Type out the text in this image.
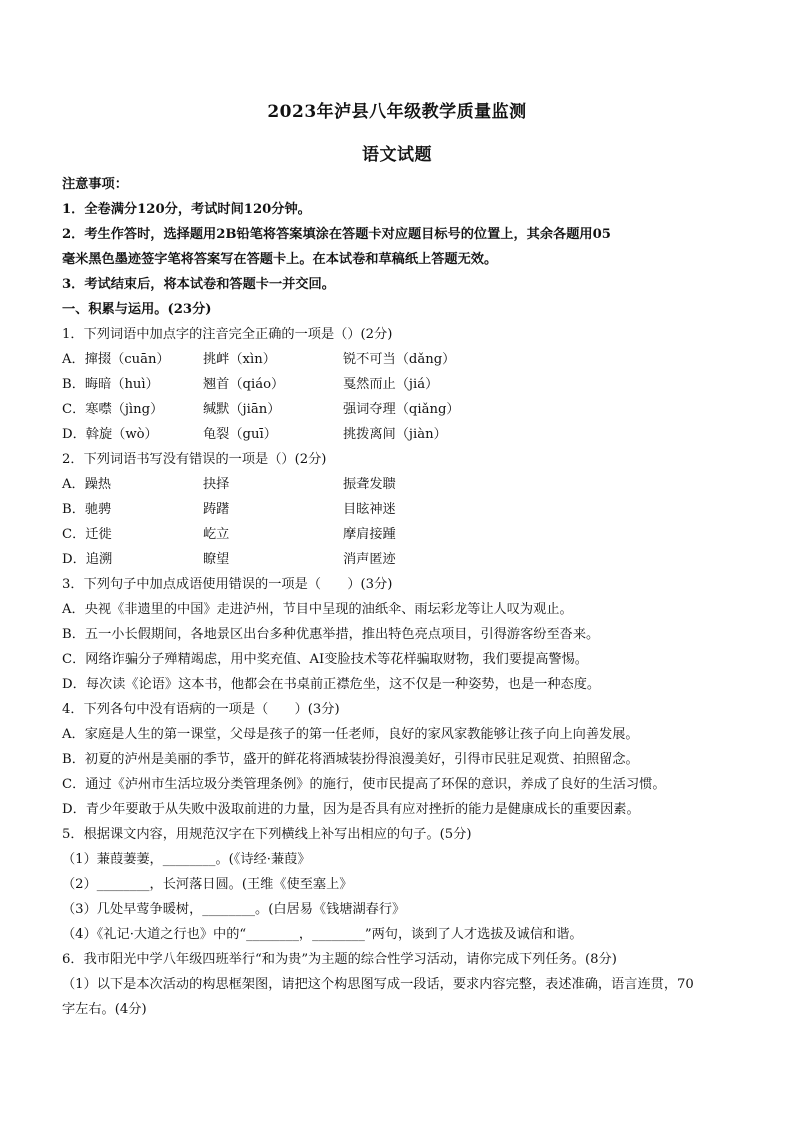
2023年泸县八年级教学质量监测
语文试题
注意事项：
1．全卷满分120分，考试时间120分钟。
2．考生作答时，选择题用2B铅笔将答案填涂在答题卡对应题目标号的位置上，其余各题用05
毫米黑色墨迹签字笔将答案写在答题卡上。在本试卷和草稿纸上答题无效。
3．考试结束后，将本试卷和答题卡一并交回。
一、积累与运用。(23分)
1．下列词语中加点字的注音完全正确的一项是（）(2分)
A．撺掇（cuān）	挑衅（xìn）	锐不可当（dǎng）
B．晦暗（huì）	翘首（qiáo）	戛然而止（jiá）
C．寒噤（jìng）	缄默（jiān）	强词夺理（qiǎng）
D．斡旋（wò）	龟裂（guī）	挑拨离间（jiàn）
2．下列词语书写没有错误的一项是（）(2分)
A．躁热	抉择	振聋发聩
B．驰骋	踌躇	目眩神迷
C．迁徙	屹立	摩肩接踵
D．追溯	瞭望	消声匿迹
3．下列句子中加点成语使用错误的一项是（　　）(3分)
A．央视《非遗里的中国》走进泸州，节目中呈现的油纸伞、雨坛彩龙等让人叹为观止。
B．五一小长假期间，各地景区出台多种优惠举措，推出特色亮点项目，引得游客纷至沓来。
C．网络诈骗分子殚精竭虑，用中奖充值、AI变脸技术等花样骗取财物，我们要提高警惕。
D．每次读《论语》这本书，他都会在书桌前正襟危坐，这不仅是一种姿势，也是一种态度。
4．下列各句中没有语病的一项是（　　）(3分)
A．家庭是人生的第一课堂，父母是孩子的第一任老师，良好的家风家教能够让孩子向上向善发展。
B．初夏的泸州是美丽的季节，盛开的鲜花将酒城装扮得浪漫美好，引得市民驻足观赏、拍照留念。
C．通过《泸州市生活垃圾分类管理条例》的施行，使市民提高了环保的意识，养成了良好的生活习惯。
D．青少年要敢于从失败中汲取前进的力量，因为是否具有应对挫折的能力是健康成长的重要因素。
5．根据课文内容，用规范汉字在下列横线上补写出相应的句子。(5分)
（1）蒹葭萋萋，________。(《诗经·蒹葭》
（2）________，长河落日圆。(王维《使至塞上》
（3）几处早莺争暖树，________。(白居易《钱塘湖春行》
（4）《礼记·大道之行也》中的“________，________”两句，谈到了人才选拔及诚信和谐。
6．我市阳光中学八年级四班举行“和为贵”为主题的综合性学习活动，请你完成下列任务。(8分)
（1）以下是本次活动的构思框架图，请把这个构思图写成一段话，要求内容完整，表述准确，语言连贯，70
字左右。(4分)
